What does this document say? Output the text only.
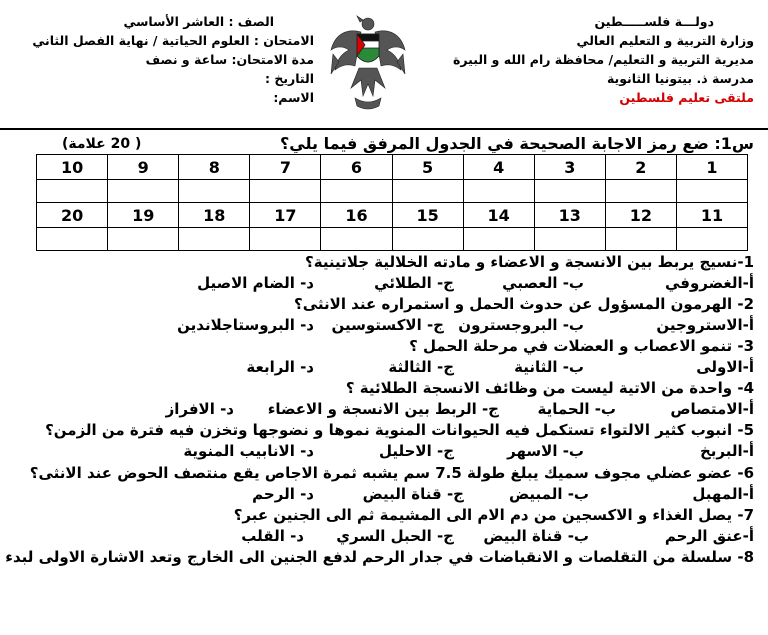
دولـــة فلســـــطين
وزارة التربية و التعليم العالي
مديرية التربية و التعليم/ محافظة رام الله و البيرة
مدرسة ذ. بيتونيا الثانوية
ملتقى تعليم فلسطين
الصف : العاشر الأساسي
الامتحان : العلوم الحياتية / نهاية الفصل الثاني
مدة الامتحان: ساعة و نصف
التاريخ :
الاسم:
س1: ضع رمز الاجابة الصحيحة في الجدول المرفق فيما يلي؟
( 20 علامة)
1	2	3	4	5	6	7	8	9	10

11	12	13	14	15	16	17	18	19	20

1-نسيج يربط بين الانسجة و الاعضاء و مادته الخلالية جلاتينية؟
أ-الغضروفي
ب- العصبي
ج- الطلائي
د- الضام الاصيل
2- الهرمون المسؤول عن حدوث الحمل و استمراره عند الانثى؟
أ-الاستروجين
ب- البروجسترون
ج- الاكستوسين
د- البروستاجلاندين
3- تنمو الاعصاب و العضلات في مرحلة الحمل ؟
أ-الاولى
ب- الثانية
ج- الثالثة
د- الرابعة
4- واحدة من الاتية ليست من وظائف الانسجة الطلائية ؟
أ-الامتصاص
ب- الحماية
ج- الربط بين الانسجة و الاعضاء
د- الافراز
5- انبوب كثير الالتواء تستكمل فيه الحيوانات المنوية نموها و نضوجها وتخزن فيه فترة من الزمن؟
أ-البربخ
ب- الاسهر
ج- الاحليل
د- الانابيب المنوية
6- عضو عضلي مجوف سميك يبلغ طولة 7.5 سم يشبه ثمرة الاجاص يقع منتصف الحوض عند الانثى؟
أ-المهبل
ب- المبيض
ج- قناة البيض
د- الرحم
7- يصل الغذاء و الاكسجين من دم الام الى المشيمة ثم الى الجنين عبر؟
أ-عنق الرحم
ب- قناة البيض
ج- الحبل السري
د- القلب
8- سلسلة من التقلصات و الانقباضات في جدار الرحم لدفع الجنين الى الخارج وتعد الاشارة الاولى لبدء
